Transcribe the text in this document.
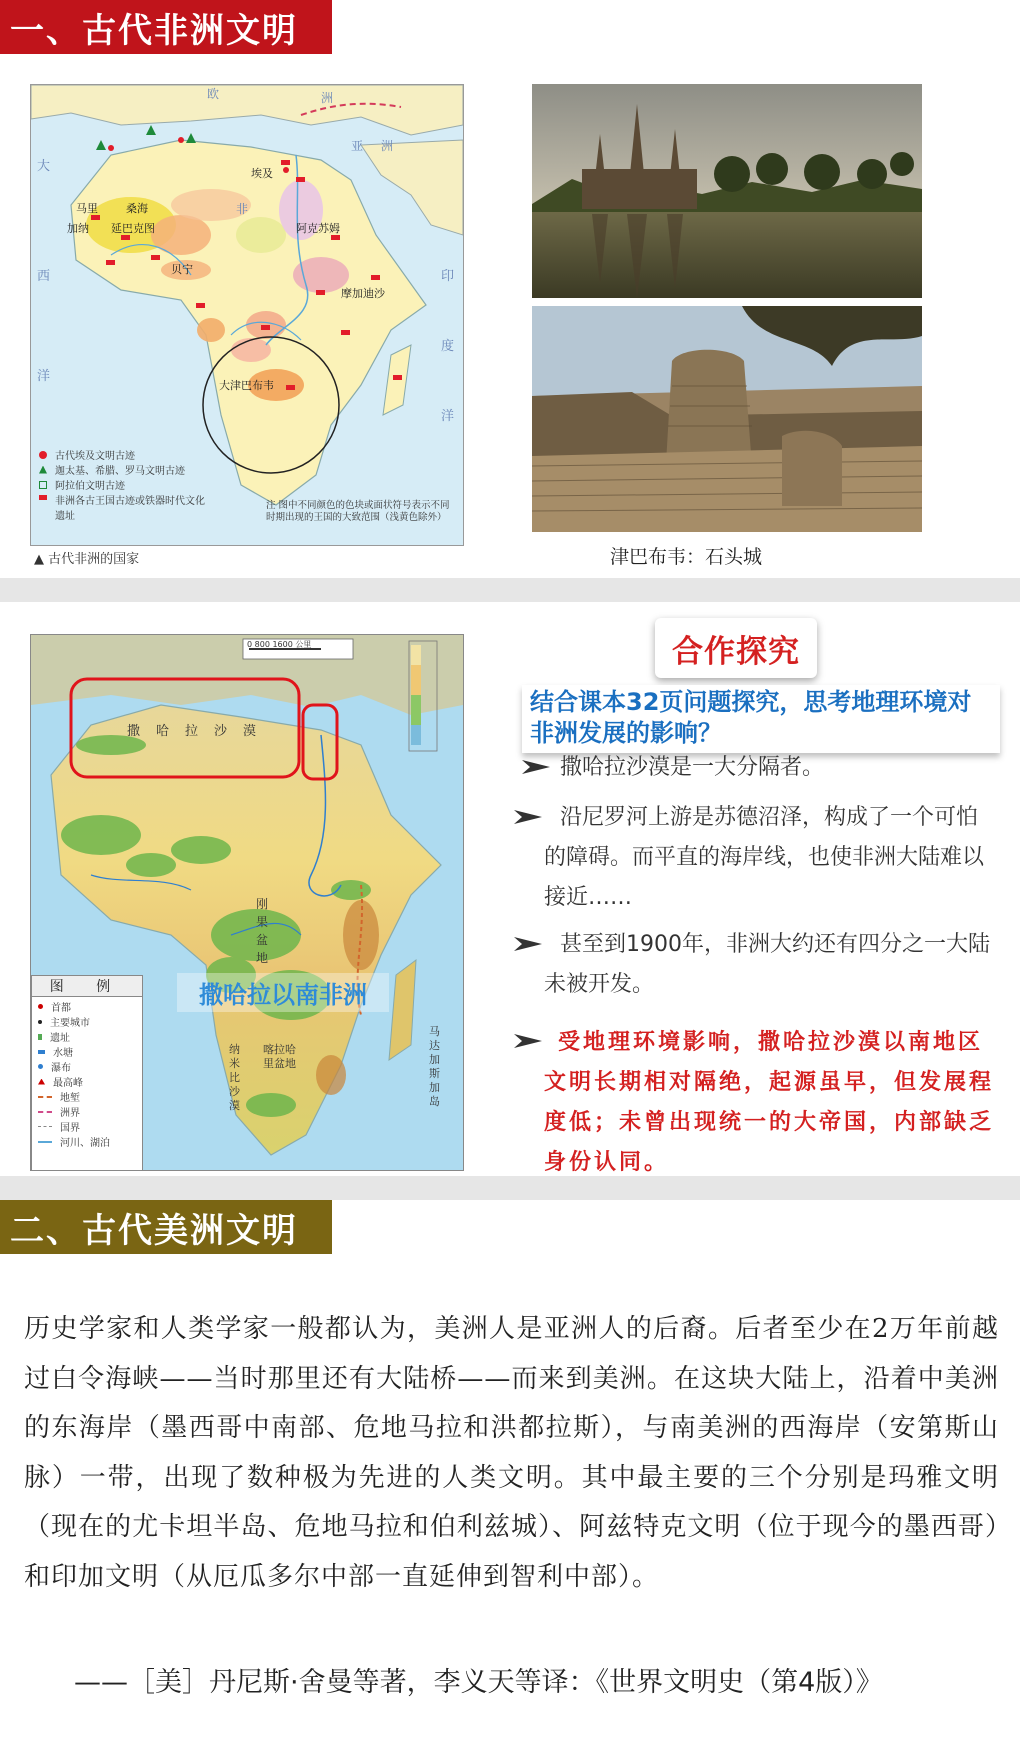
一、古代非洲文明
欧	洲
亚 洲
埃及
马里	桑海
加纳 延巴克图
贝宁
阿克苏姆
非
摩加迪沙
大津巴布韦
大
西
洋
印
度
洋
古代埃及文明古迹
迦太基、希腊、罗马文明古迹
阿拉伯文明古迹
非洲各古王国古迹或铁器时代文化遗址
注 图中不同颜色的色块或面状符号表示不同时期出现的王国的大致范围（浅黄色除外）
▲ 古代非洲的国家	津巴布韦：石头城
0 800 1600 公里
撒哈拉沙漠
撒哈拉以南非洲
刚果盆地
喀拉哈里盆地
纳米比沙漠
马达加斯加岛
图 例
首都
主要城市
遗址
水塘
瀑布
最高峰
地堑
洲界
国界
河川、湖泊
合作探究
结合课本32页问题探究，思考地理环境对非洲发展的影响？
撒哈拉沙漠是一大分隔者。
沿尼罗河上游是苏德沼泽，构成了一个可怕的障碍。而平直的海岸线，也使非洲大陆难以接近……
甚至到1900年，非洲大约还有四分之一大陆未被开发。
受地理环境影响，撒哈拉沙漠以南地区文明长期相对隔绝，起源虽早，但发展程度低；未曾出现统一的大帝国，内部缺乏身份认同。
二、古代美洲文明
历史学家和人类学家一般都认为，美洲人是亚洲人的后裔。后者至少在2万年前越过白令海峡——当时那里还有大陆桥——而来到美洲。在这块大陆上，沿着中美洲的东海岸（墨西哥中南部、危地马拉和洪都拉斯），与南美洲的西海岸（安第斯山脉）一带，出现了数种极为先进的人类文明。其中最主要的三个分别是玛雅文明（现在的尤卡坦半岛、危地马拉和伯利兹城）、阿兹特克文明（位于现今的墨西哥）和印加文明（从厄瓜多尔中部一直延伸到智利中部）。
——［美］丹尼斯·舍曼等著，李义天等译：《世界文明史（第4版）》
